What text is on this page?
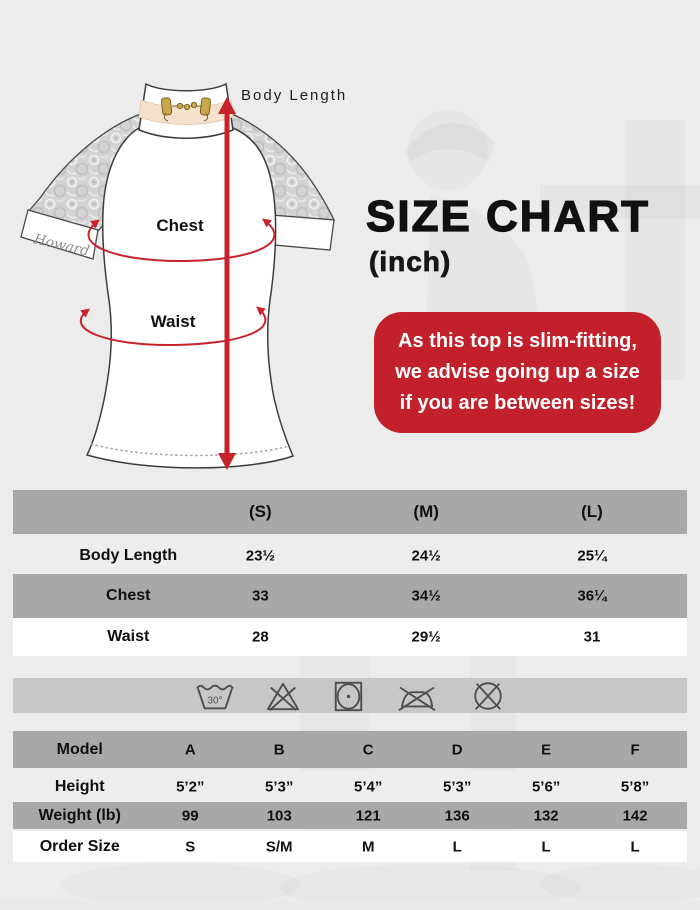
Howard
Body Length
Chest
Waist
SIZE CHART
(inch)
As this top is slim-fitting,
we advise going up a size
if you are between sizes!
(S)	(M)	(L)
Body Length	23½	24½	25¼
Chest	33	34½	36¼
Waist	28	29½	31
30°
Model	A	B	C	D	E	F
Height	5’2”	5’3”	5’4”	5’3”	5’6”	5’8”
Weight (lb)	99	103	121	136	132	142
Order Size	S	S/M	M	L	L	L
